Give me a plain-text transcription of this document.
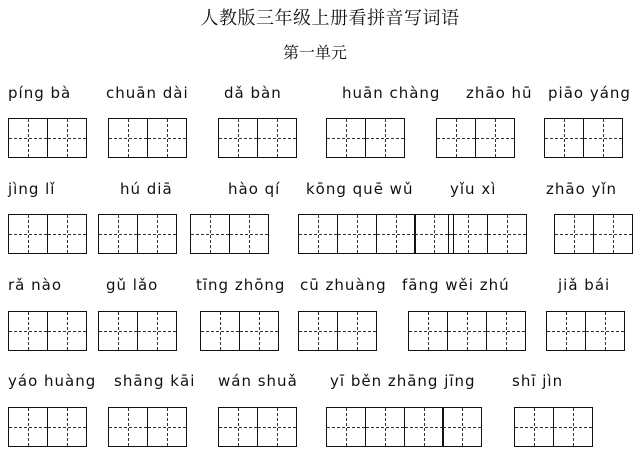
人教版三年级上册看拼音写词语
第一单元
píng bà chuān dài dǎ bàn	huān chàng zhāo hū piāo yáng
jìng lǐ	hú diā	hào qí kōng quē wǔ yǐu xì	zhāo yǐn
rǎ nào	gǔ lǎo	tīng zhōng cū zhuàng fāng wěi zhú	jiǎ bái
yáo huàng shāng kāi wán shuǎ yī běn zhāng jīng shī jìn
